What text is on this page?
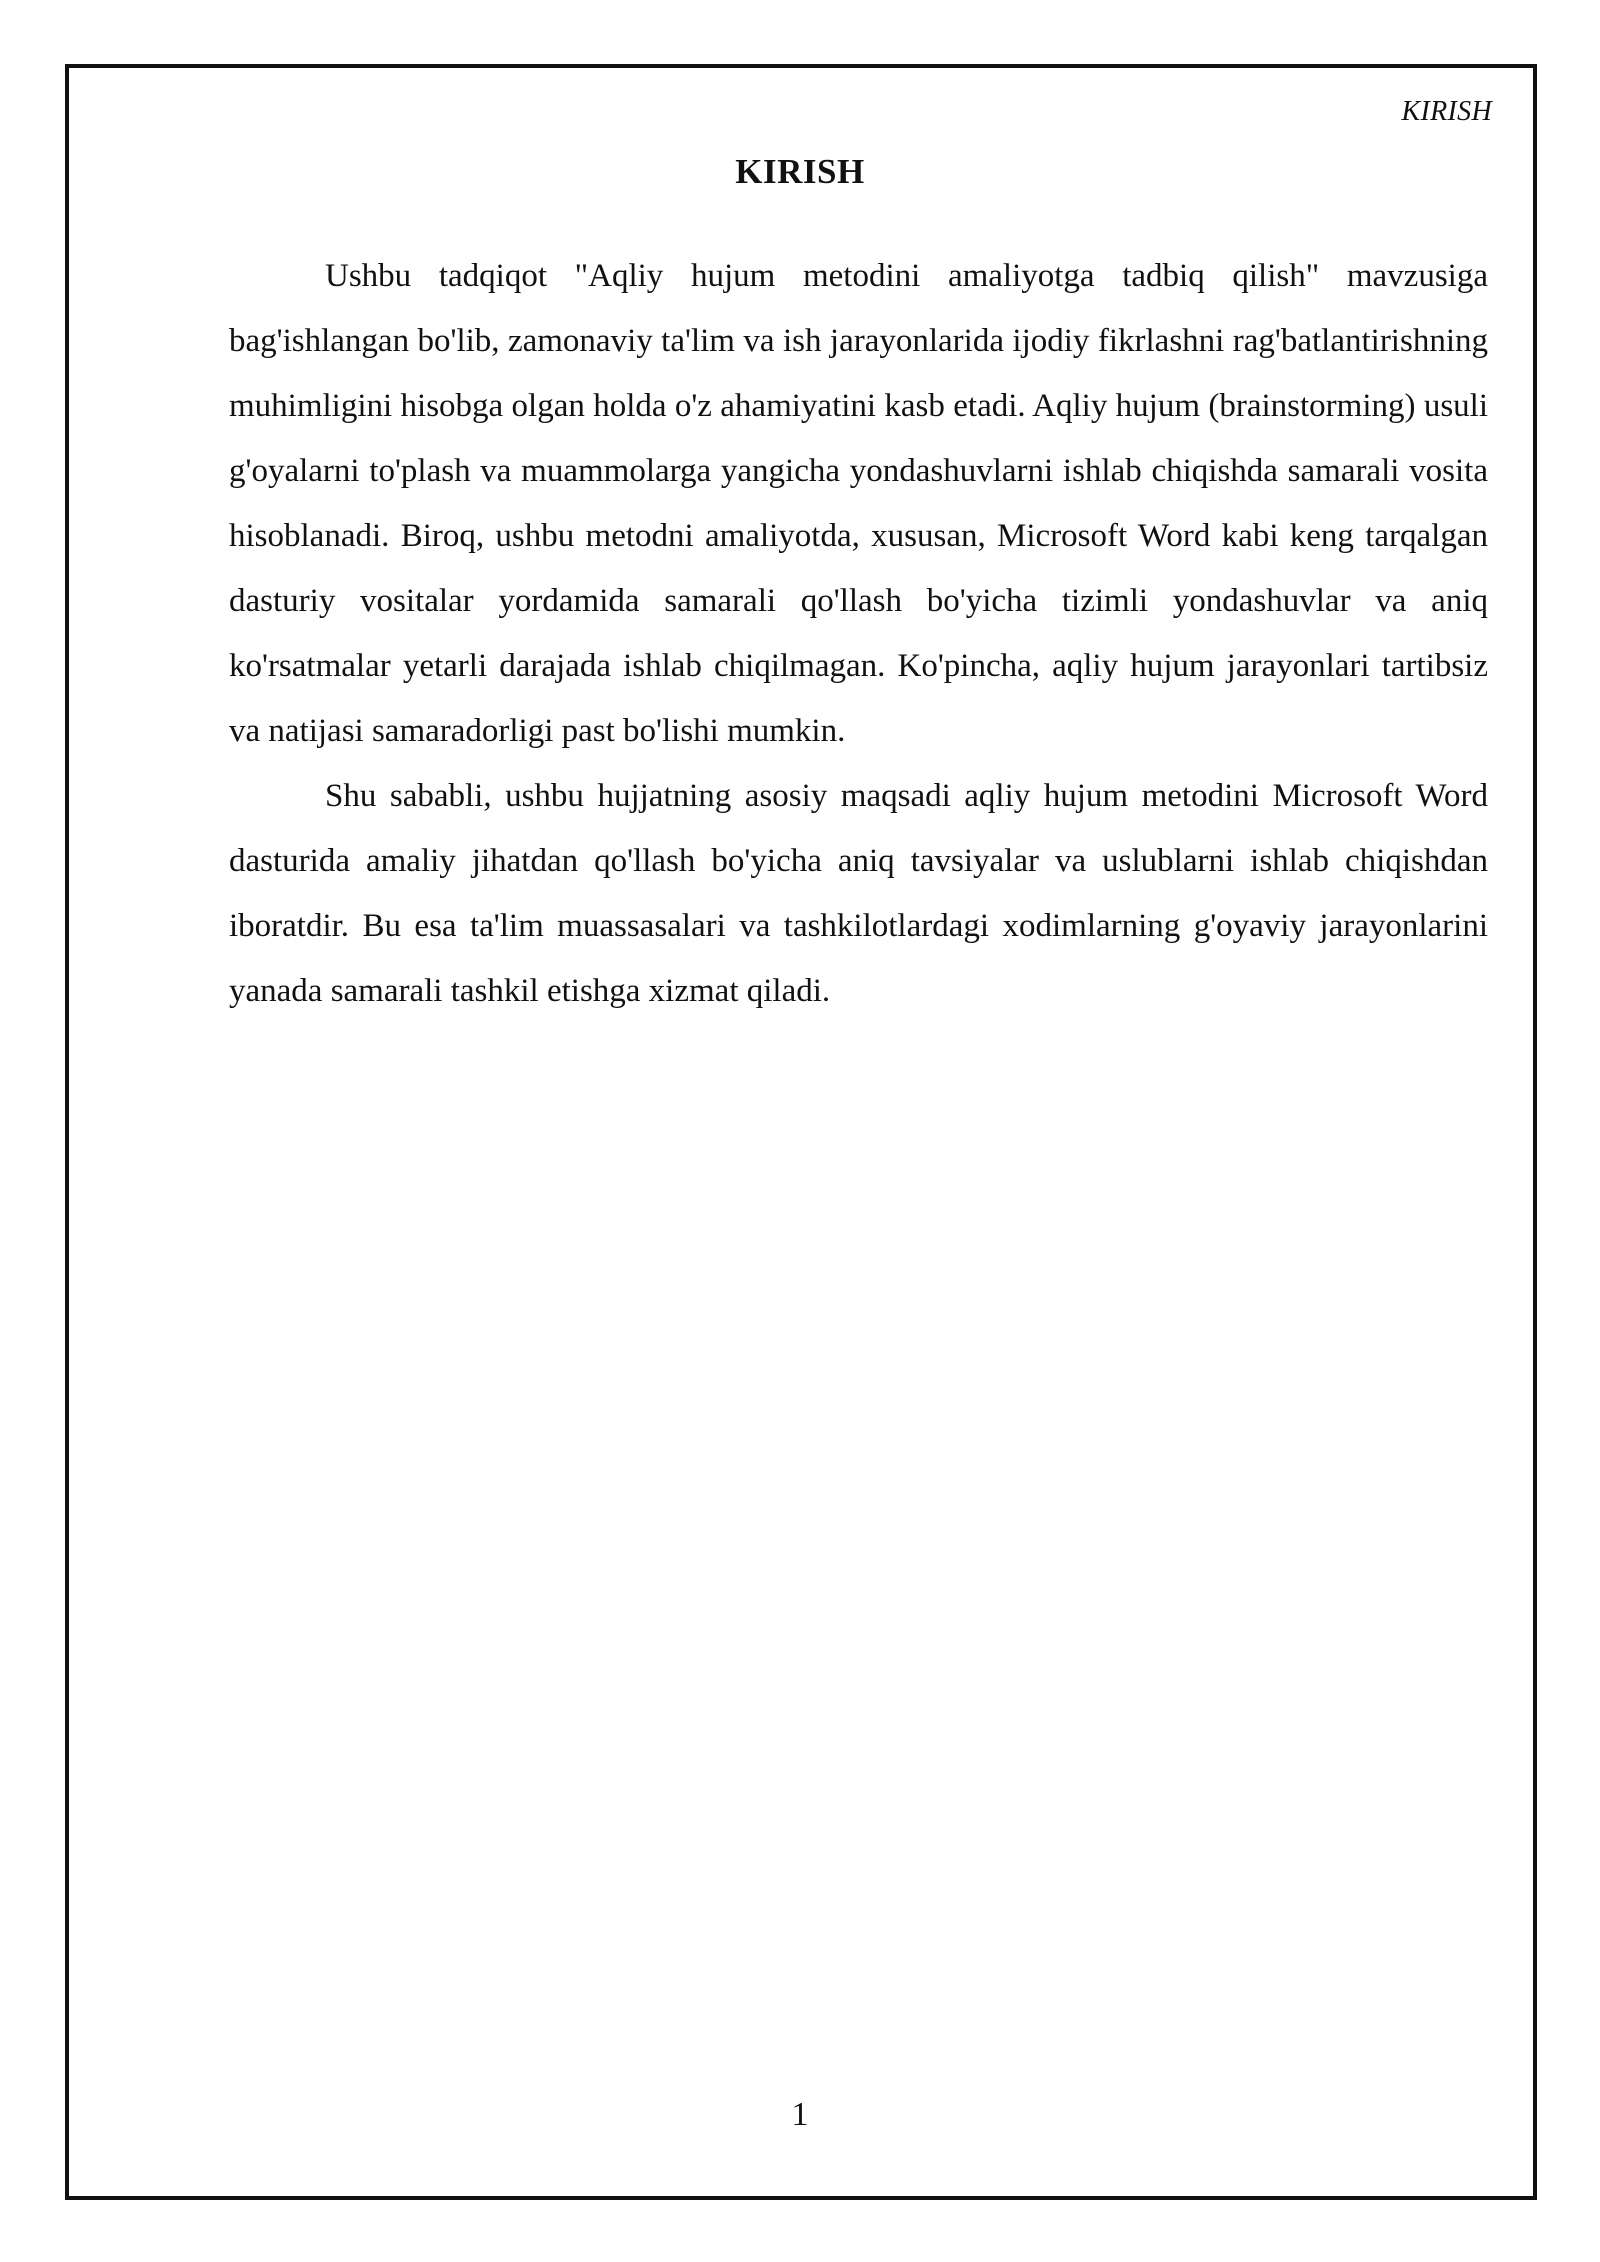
KIRISH
KIRISH

Ushbu tadqiqot "Aqliy hujum metodini amaliyotga tadbiq qilish" mavzusiga bag'ishlangan bo'lib, zamonaviy ta'lim va ish jarayonlarida ijodiy fikrlashni rag'batlantirishning muhimligini hisobga olgan holda o'z ahamiyatini kasb etadi. Aqliy hujum (brainstorming) usuli g'oyalarni to'plash va muammolarga yangicha yondashuvlarni ishlab chiqishda samarali vosita hisoblanadi. Biroq, ushbu metodni amaliyotda, xususan, Microsoft Word kabi keng tarqalgan dasturiy vositalar yordamida samarali qo'llash bo'yicha tizimli yondashuvlar va aniq ko'rsatmalar yetarli darajada ishlab chiqilmagan. Ko'pincha, aqliy hujum jarayonlari tartibsiz va natijasi samaradorligi past bo'lishi mumkin.

Shu sababli, ushbu hujjatning asosiy maqsadi aqliy hujum metodini Microsoft Word dasturida amaliy jihatdan qo'llash bo'yicha aniq tavsiyalar va uslublarni ishlab chiqishdan iboratdir. Bu esa ta'lim muassasalari va tashkilotlardagi xodimlarning g'oyaviy jarayonlarini yanada samarali tashkil etishga xizmat qiladi.

1
